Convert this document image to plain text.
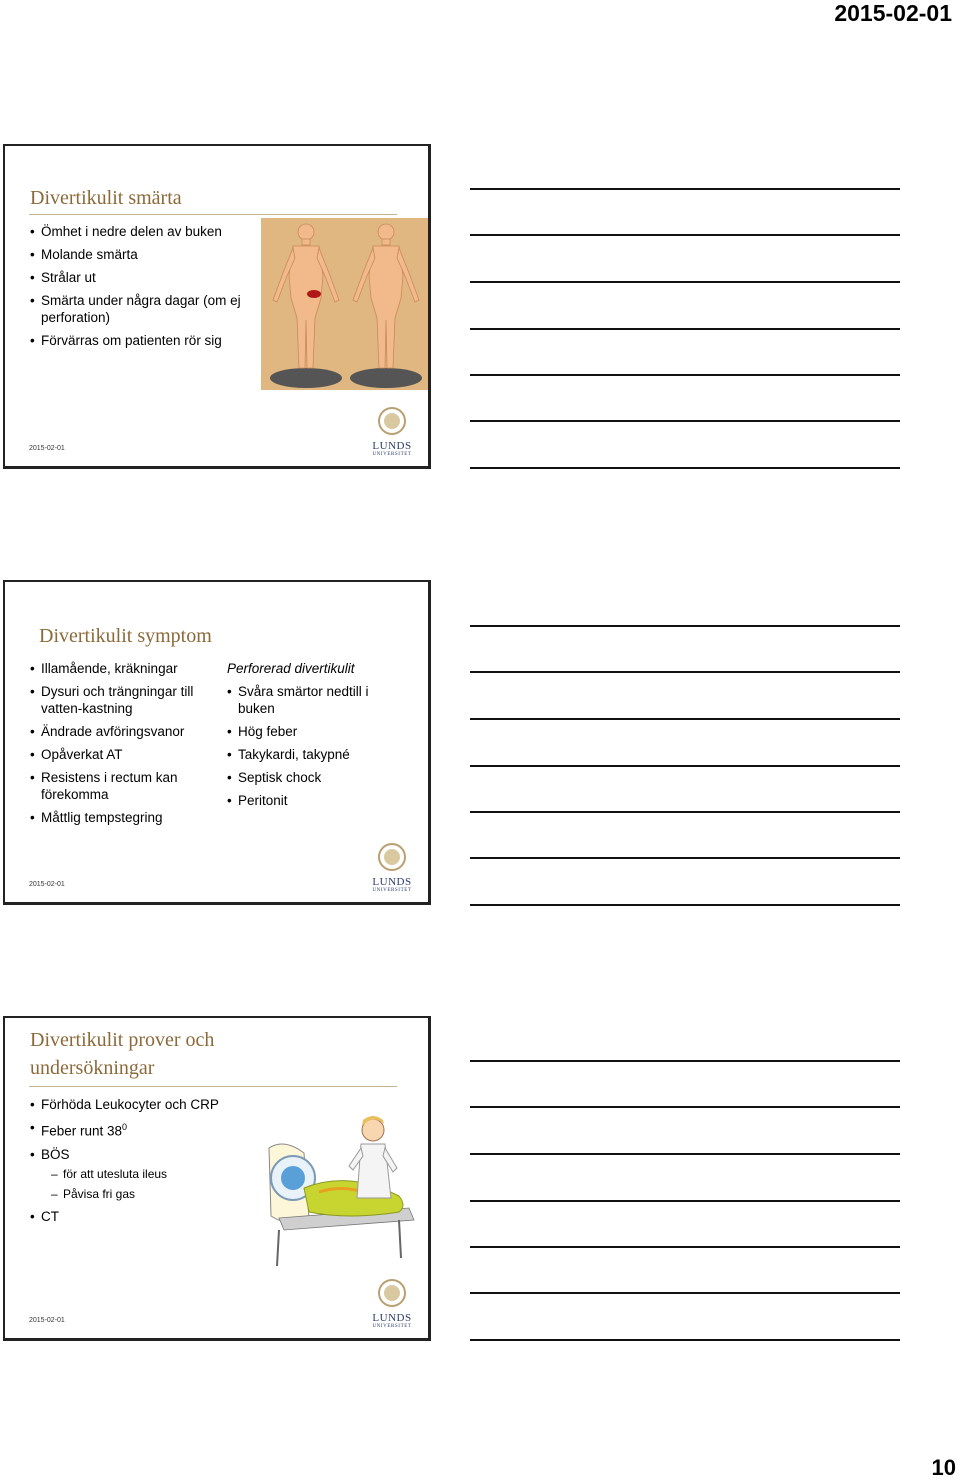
2015-02-01
Divertikulit smärta
• Ömhet i nedre delen av buken
• Molande smärta
• Strålar ut
• Smärta under några dagar (om ej perforation)
• Förvärras om patienten rör sig
2015-02-01	LUNDS
UNIVERSITET
Divertikulit symptom
• Illamående, kräkningar
• Dysuri och trängningar till vatten-kastning
• Ändrade avföringsvanor
• Opåverkat AT
• Resistens i rectum kan förekomma
• Måttlig tempstegring
Perforerad divertikulit
• Svåra smärtor nedtill i buken
• Hög feber
• Takykardi, takypné
• Septisk chock
• Peritonit
2015-02-01	LUNDS
UNIVERSITET
Divertikulit prover och
undersökningar
• Förhöda Leukocyter och CRP
• Feber runt $38^0$
• BÖS
– för att utesluta ileus
– Påvisa fri gas
• CT
2015-02-01	LUNDS
UNIVERSITET
10
